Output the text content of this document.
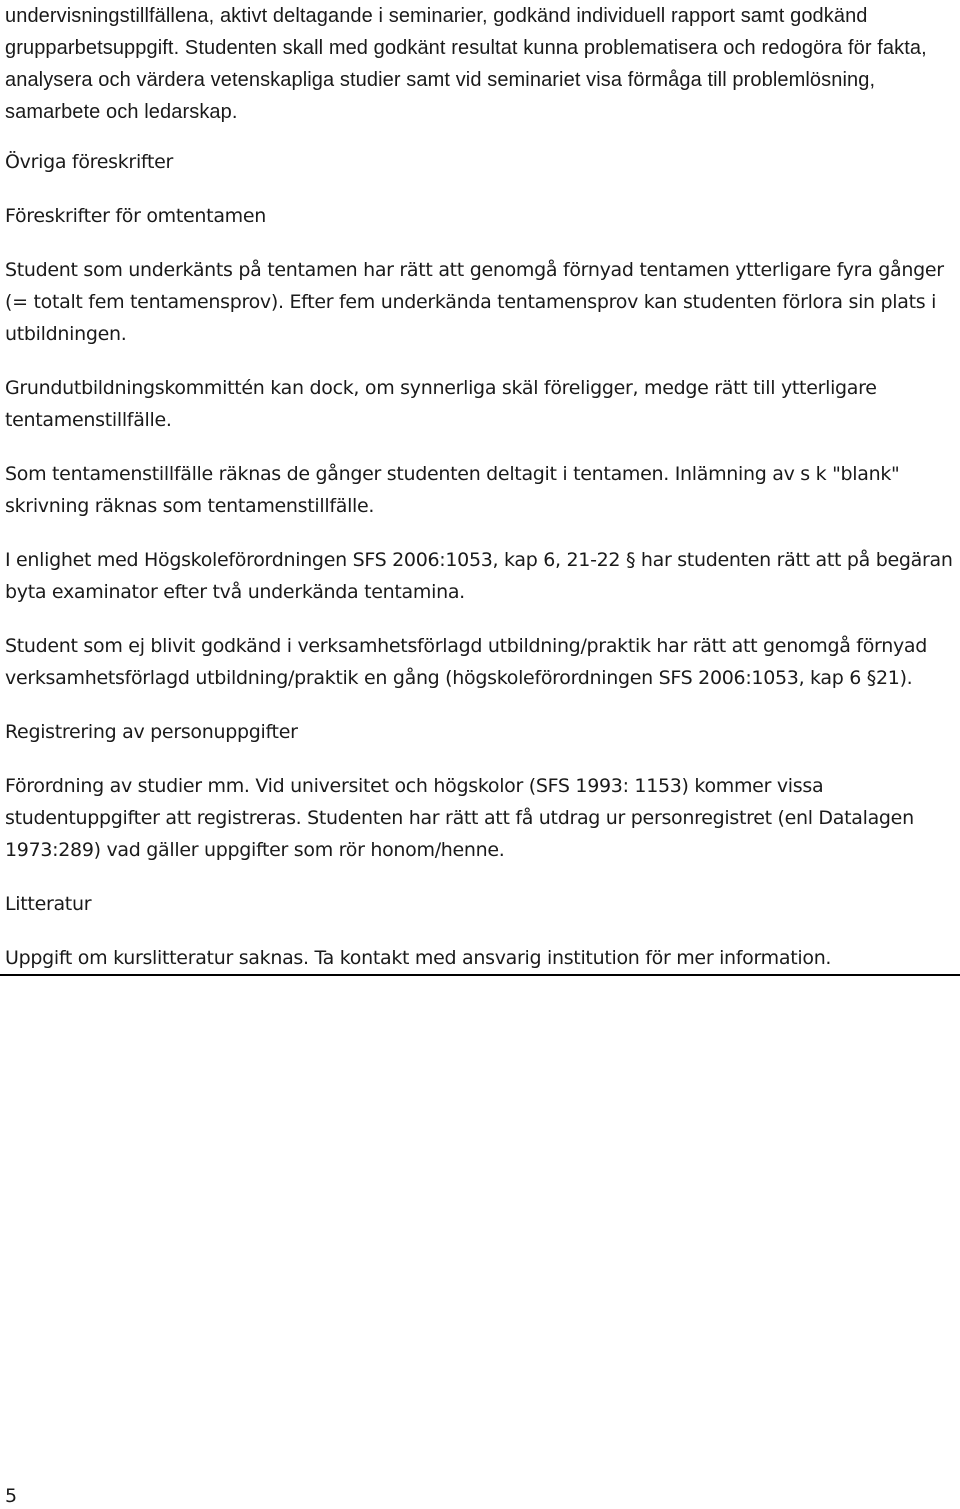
undervisningstillfällena, aktivt deltagande i seminarier, godkänd individuell rapport samt godkänd grupparbetsuppgift. Studenten skall med godkänt resultat kunna problematisera och redogöra för fakta, analysera och värdera vetenskapliga studier samt vid seminariet visa förmåga till problemlösning, samarbete och ledarskap.

Övriga föreskrifter

Föreskrifter för omtentamen

Student som underkänts på tentamen har rätt att genomgå förnyad tentamen ytterligare fyra gånger (= totalt fem tentamensprov). Efter fem underkända tentamensprov kan studenten förlora sin plats i utbildningen.

Grundutbildningskommittén kan dock, om synnerliga skäl föreligger, medge rätt till ytterligare tentamenstillfälle.

Som tentamenstillfälle räknas de gånger studenten deltagit i tentamen. Inlämning av s k "blank" skrivning räknas som tentamenstillfälle.

I enlighet med Högskoleförordningen SFS 2006:1053, kap 6, 21-22 § har studenten rätt att på begäran byta examinator efter två underkända tentamina.

Student som ej blivit godkänd i verksamhetsförlagd utbildning/praktik har rätt att genomgå förnyad verksamhetsförlagd utbildning/praktik en gång (högskoleförordningen SFS 2006:1053, kap 6 §21).

Registrering av personuppgifter

Förordning av studier mm. Vid universitet och högskolor (SFS 1993: 1153) kommer vissa studentuppgifter att registreras. Studenten har rätt att få utdrag ur personregistret (enl Datalagen 1973:289) vad gäller uppgifter som rör honom/henne.

Litteratur

Uppgift om kurslitteratur saknas. Ta kontakt med ansvarig institution för mer information.

5
